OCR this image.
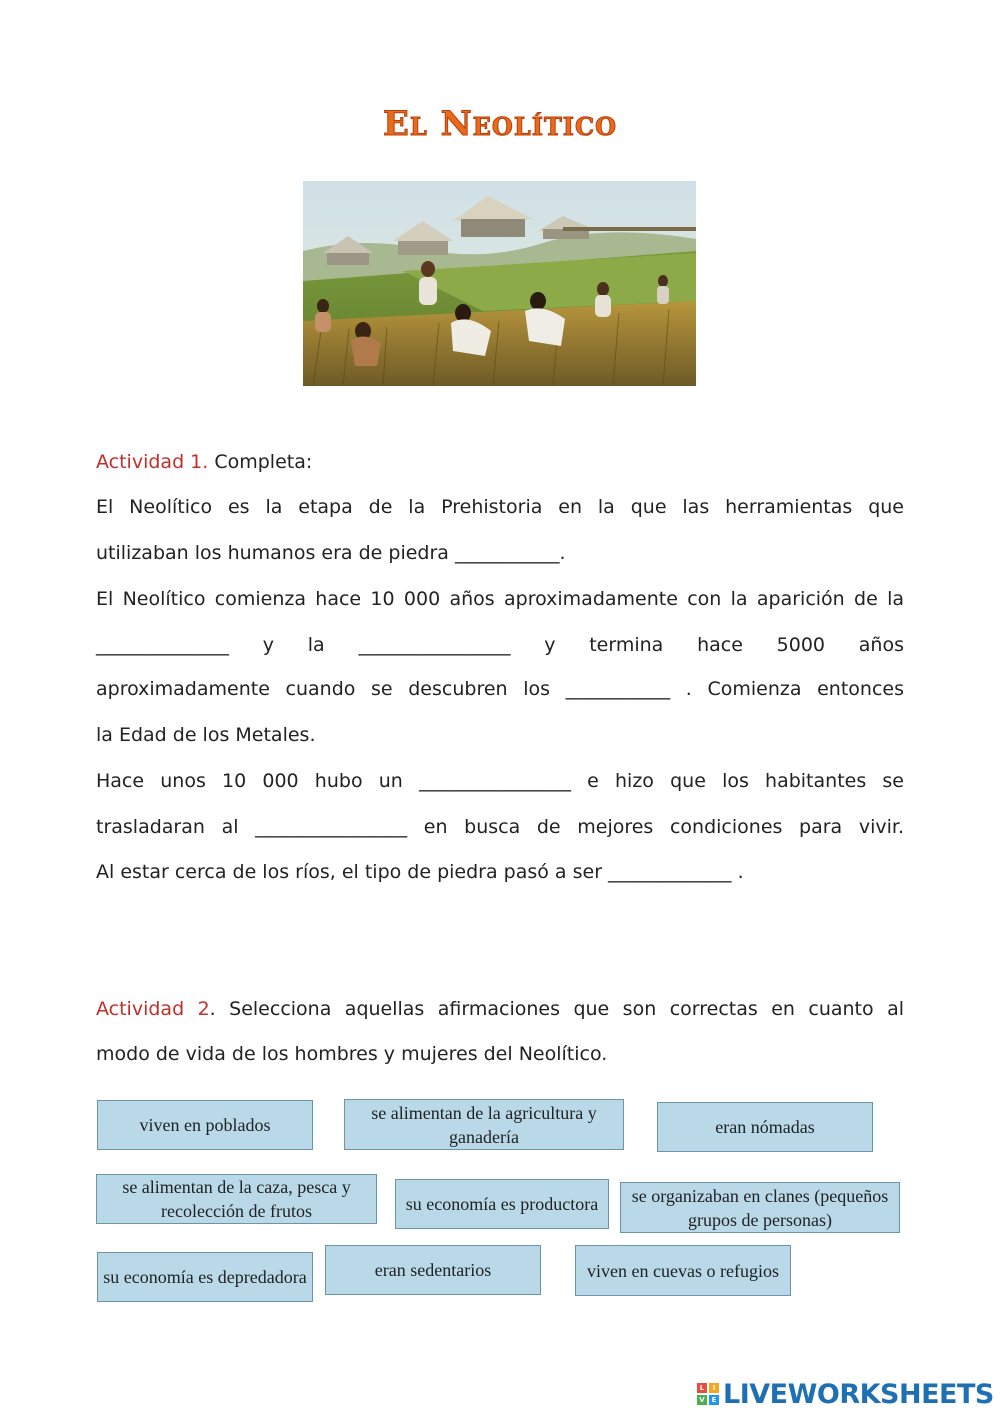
El Neolítico
Actividad 1. Completa:
El Neolítico es la etapa de la Prehistoria en la que las herramientas que
utilizaban los humanos era de piedra ___________.
El Neolítico comienza hace 10 000 años aproximadamente con la aparición de la
______________ y la ________________ y termina hace 5000 años
aproximadamente cuando se descubren los ___________ . Comienza entonces
la Edad de los Metales.
Hace unos 10 000 hubo un ________________ e hizo que los habitantes se
trasladaran al ________________ en busca de mejores condiciones para vivir.
Al estar cerca de los ríos, el tipo de piedra pasó a ser _____________ .
Actividad 2. Selecciona aquellas afirmaciones que son correctas en cuanto al
modo de vida de los hombres y mujeres del Neolítico.
viven en poblados
se alimentan de la agricultura y ganadería	eran nómadas
se alimentan de la caza, pesca y recolección de frutos	su economía es productora	se organizaban en clanes (pequeños grupos de personas)
su economía es depredadora	eran sedentarios	viven en cuevas o refugios
L	I
V E LIVEWORKSHEETS
